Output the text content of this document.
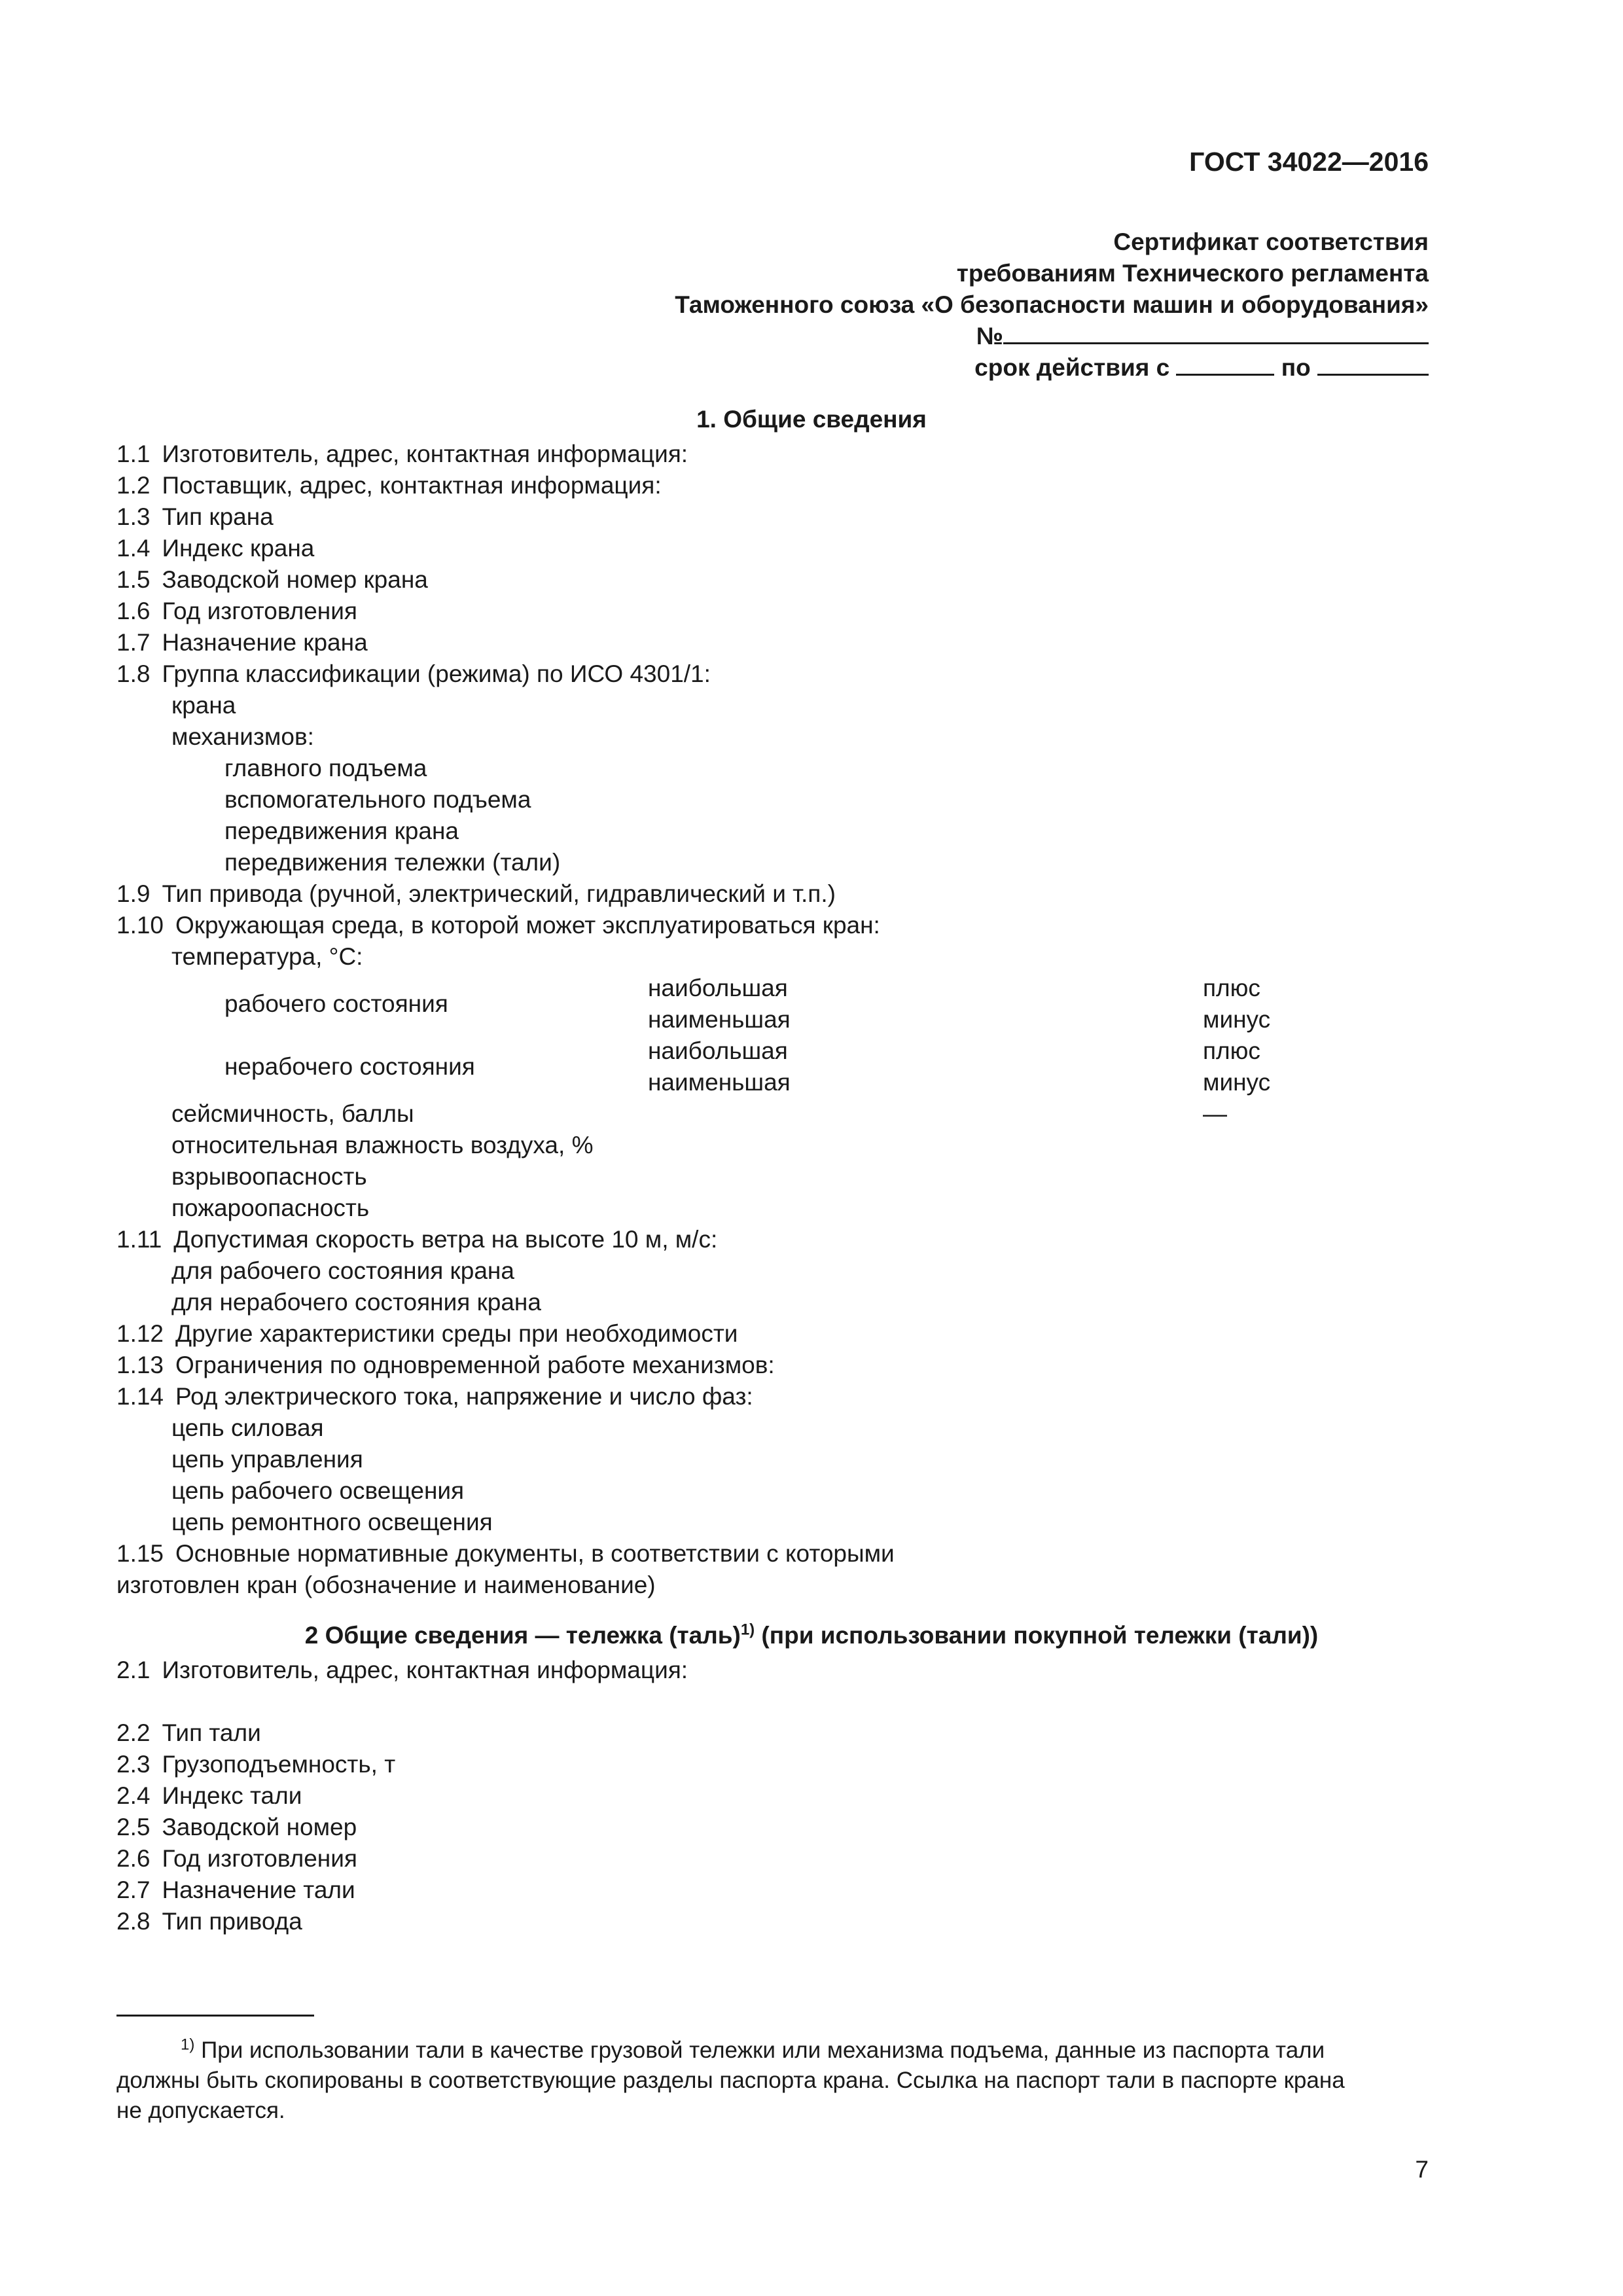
ГОСТ 34022—2016
Сертификат соответствия
требованиям Технического регламента
Таможенного союза «О безопасности машин и оборудования»
№
срок действия с	по
1. Общие сведения
1.1 Изготовитель, адрес, контактная информация:
1.2 Поставщик, адрес, контактная информация:
1.3 Тип крана
1.4 Индекс крана
1.5 Заводской номер крана
1.6 Год изготовления
1.7 Назначение крана
1.8 Группа классификации (режима) по ИСО 4301/1:
крана
механизмов:
главного подъема
вспомогательного подъема
передвижения крана
передвижения тележки (тали)
1.9 Тип привода (ручной, электрический, гидравлический и т.п.)
1.10 Окружающая среда, в которой может эксплуатироваться кран:
температура, °С:
рабочего состояния
наибольшая
наименьшая
плюс
минус
нерабочего состояния
наибольшая
наименьшая
плюс
минус
сейсмичность, баллы	—
относительная влажность воздуха, %
взрывоопасность
пожароопасность
1.11 Допустимая скорость ветра на высоте 10 м, м/с:
для рабочего состояния крана
для нерабочего состояния крана
1.12 Другие характеристики среды при необходимости
1.13 Ограничения по одновременной работе механизмов:
1.14 Род электрического тока, напряжение и число фаз:
цепь силовая
цепь управления
цепь рабочего освещения
цепь ремонтного освещения
1.15 Основные нормативные документы, в соответствии с которыми
изготовлен кран (обозначение и наименование)
2 Общие сведения — тележка (таль)$^{1)}$ (при использовании покупной тележки (тали))
2.1 Изготовитель, адрес, контактная информация:
2.2 Тип тали
2.3 Грузоподъемность, т
2.4 Индекс тали
2.5 Заводской номер
2.6 Год изготовления
2.7 Назначение тали
2.8 Тип привода
$^{1)}$ При использовании тали в качестве грузовой тележки или механизма подъема, данные из паспорта тали
должны быть скопированы в соответствующие разделы паспорта крана. Ссылка на паспорт тали в паспорте крана
не допускается.
7
